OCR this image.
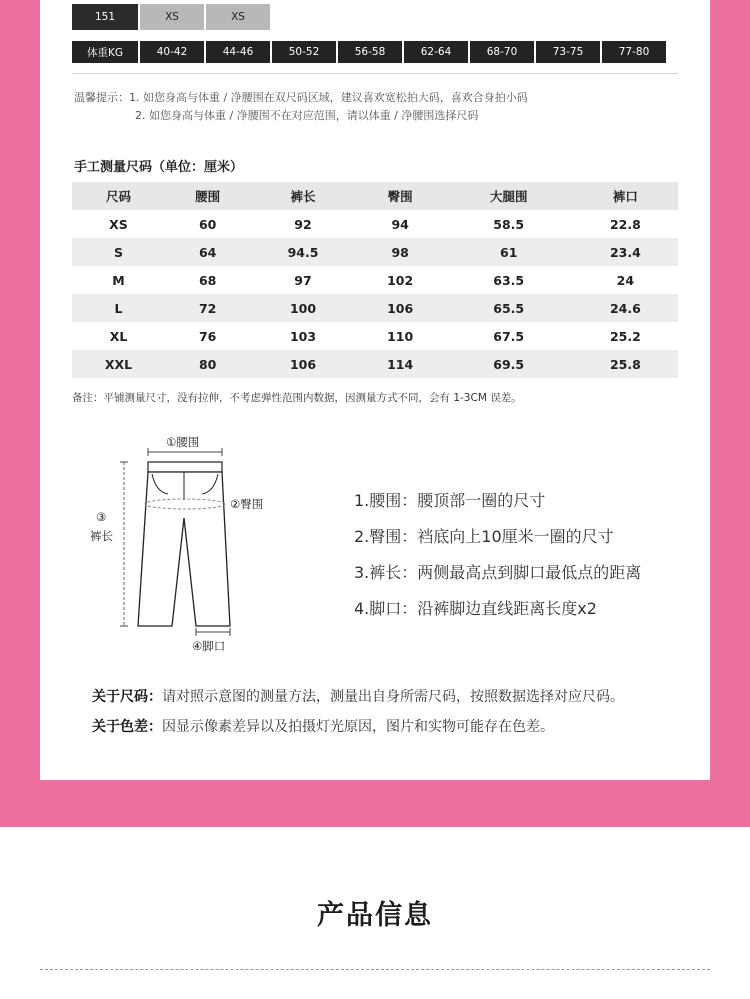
151	XS	XS
体重KG	40-42	44-46	50-52	56-58	62-64	68-70	73-75	77-80
温馨提示：1. 如您身高与体重 / 净腰围在双尺码区域，建议喜欢宽松拍大码，喜欢合身拍小码
2. 如您身高与体重 / 净腰围不在对应范围，请以体重 / 净腰围选择尺码
手工测量尺码（单位：厘米）
尺码	腰围	裤长	臀围	大腿围	裤口
XS	60	92	94	58.5	22.8
S	64	94.5	98	61	23.4
M	68	97	102	63.5	24
L	72	100	106	65.5	24.6
XL	76	103	110	67.5	25.2
XXL	80	106	114	69.5	25.8
备注：平铺测量尺寸，没有拉伸，不考虑弹性范围内数据，因测量方式不同，会有 1-3CM 误差。
①腰围
②臀围
③
裤长
④脚口
1.腰围：腰顶部一圈的尺寸
2.臀围：裆底向上10厘米一圈的尺寸
3.裤长：两侧最高点到脚口最低点的距离
4.脚口：沿裤脚边直线距离长度x2
关于尺码：请对照示意图的测量方法，测量出自身所需尺码，按照数据选择对应尺码。
关于色差：因显示像素差异以及拍摄灯光原因，图片和实物可能存在色差。
产品信息
